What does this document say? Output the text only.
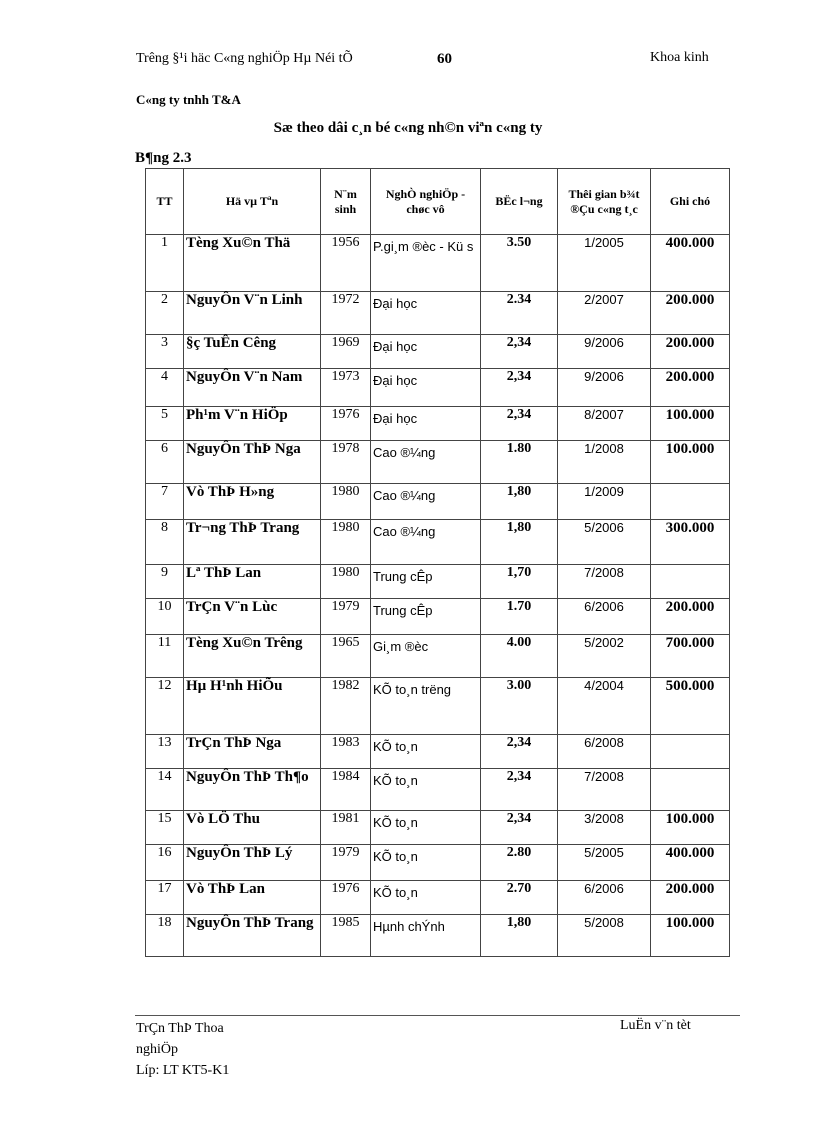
Trêng §¹i häc C«ng nghiÖp Hµ Néi tÕ	60	Khoa kinh
C«ng ty tnhh T&A
Sæ theo dâi c¸n bé c«ng nh©n viªn c«ng ty
B¶ng 2.3
TT	Hä vµ Tªn	N¨m sinh	NghÒ nghiÖp - chøc vô	BËc l¬ng	Thêi gian b¾t ®Çu c«ng t¸c	Ghi chó
1	Tèng Xu©n Thä	1956	P.gi¸m ®èc - Kü s	3.50	1/2005	400.000
2	NguyÔn V¨n Linh	1972	Đại học	2.34	2/2007	200.000
3	§ç TuÊn Cêng	1969	Đại học	2,34	9/2006	200.000
4	NguyÔn V¨n Nam	1973	Đại học	2,34	9/2006	200.000
5	Ph¹m V¨n HiÖp	1976	Đại học	2,34	8/2007	100.000
6	NguyÔn ThÞ Nga	1978	Cao ®¼ng	1.80	1/2008	100.000
7	Vò ThÞ H»ng	1980	Cao ®¼ng	1,80	1/2009	
8	Tr¬ng ThÞ Trang	1980	Cao ®¼ng	1,80	5/2006	300.000
9	Lª ThÞ Lan	1980	Trung cÊp	1,70	7/2008	
10	TrÇn V¨n Lùc	1979	Trung cÊp	1.70	6/2006	200.000
11	Tèng Xu©n Trêng	1965	Gi¸m ®èc	4.00	5/2002	700.000
12	Hµ H¹nh HiÕu	1982	KÕ to¸n trëng	3.00	4/2004	500.000
13	TrÇn ThÞ Nga	1983	KÕ to¸n	2,34	6/2008	
14	NguyÔn ThÞ Th¶o	1984	KÕ to¸n	2,34	7/2008	
15	Vò LÖ Thu	1981	KÕ to¸n	2,34	3/2008	100.000
16	NguyÔn ThÞ Lý	1979	KÕ to¸n	2.80	5/2005	400.000
17	Vò ThÞ Lan	1976	KÕ to¸n	2.70	6/2006	200.000
18	NguyÔn ThÞ Trang	1985	Hµnh chÝnh	1,80	5/2008	100.000
TrÇn ThÞ Thoa
nghiÖp
Líp: LT KT5-K1
LuËn v¨n tèt
